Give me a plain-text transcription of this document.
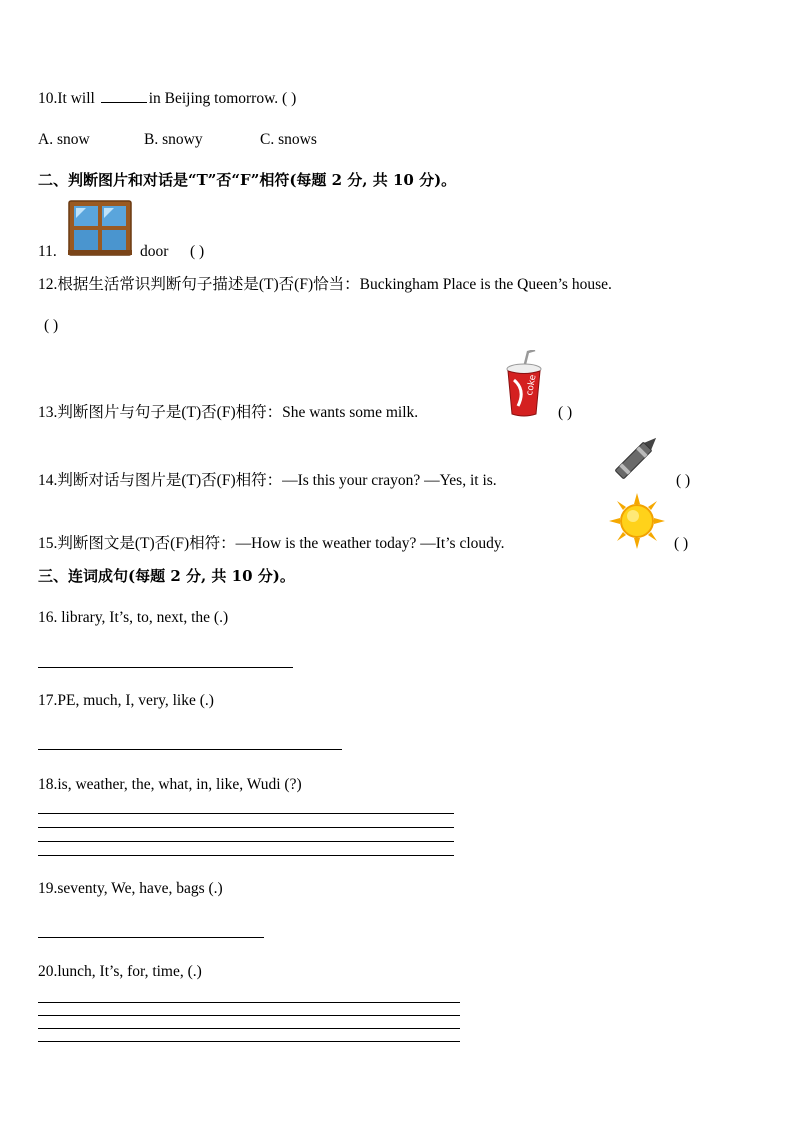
10.It will	in Beijing tomorrow. ( )
A. snow	B. snowy	C. snows
二、判断图片和对话是“T”否“F”相符(每题 2 分, 共 10 分)。
11.	door ( )
12.根据生活常识判断句子描述是(T)否(F)恰当：Buckingham Place is the Queen’s house.
( )
13.判断图片与句子是(T)否(F)相符：She wants some milk.
coke
( )
14.判断对话与图片是(T)否(F)相符：—Is this your crayon? —Yes, it is.	( )
15.判断图文是(T)否(F)相符：—How is the weather today? —It’s cloudy.	( )
三、连词成句(每题 2 分, 共 10 分)。
16. library, It’s, to, next, the (.)
17.PE, much, I, very, like (.)
18.is, weather, the, what, in, like, Wudi (?)
19.seventy, We, have, bags (.)
20.lunch, It’s, for, time, (.)
